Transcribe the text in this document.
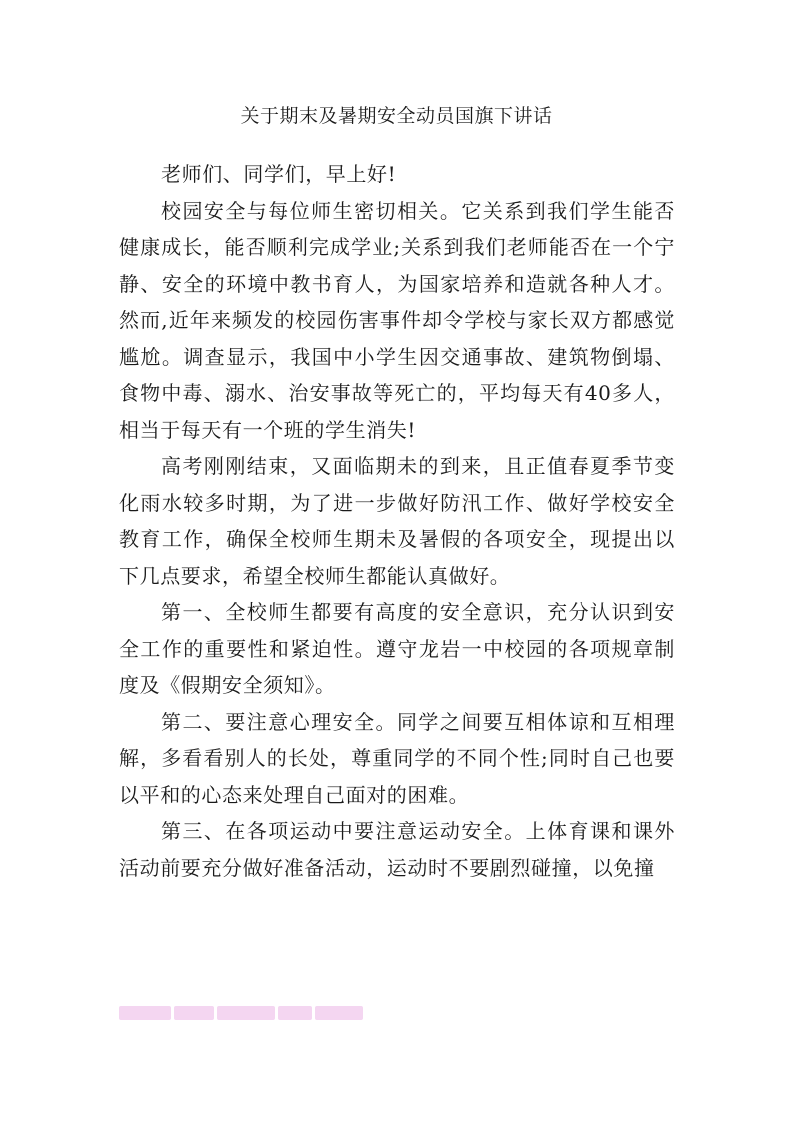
关于期末及暑期安全动员国旗下讲话

老师们、同学们，早上好!

校园安全与每位师生密切相关。它关系到我们学生能否健康成长，能否顺利完成学业;关系到我们老师能否在一个宁静、安全的环境中教书育人，为国家培养和造就各种人才。然而,近年来频发的校园伤害事件却令学校与家长双方都感觉尴尬。调查显示，我国中小学生因交通事故、建筑物倒塌、食物中毒、溺水、治安事故等死亡的，平均每天有40多人，相当于每天有一个班的学生消失!

高考刚刚结束，又面临期未的到来，且正值春夏季节变化雨水较多时期，为了进一步做好防汛工作、做好学校安全教育工作，确保全校师生期未及暑假的各项安全，现提出以下几点要求，希望全校师生都能认真做好。

第一、全校师生都要有高度的安全意识，充分认识到安全工作的重要性和紧迫性。遵守龙岩一中校园的各项规章制度及《假期安全须知》。

第二、要注意心理安全。同学之间要互相体谅和互相理解，多看看别人的长处，尊重同学的不同个性;同时自己也要以平和的心态来处理自己面对的困难。

第三、在各项运动中要注意运动安全。上体育课和课外活动前要充分做好准备活动，运动时不要剧烈碰撞，以免撞
